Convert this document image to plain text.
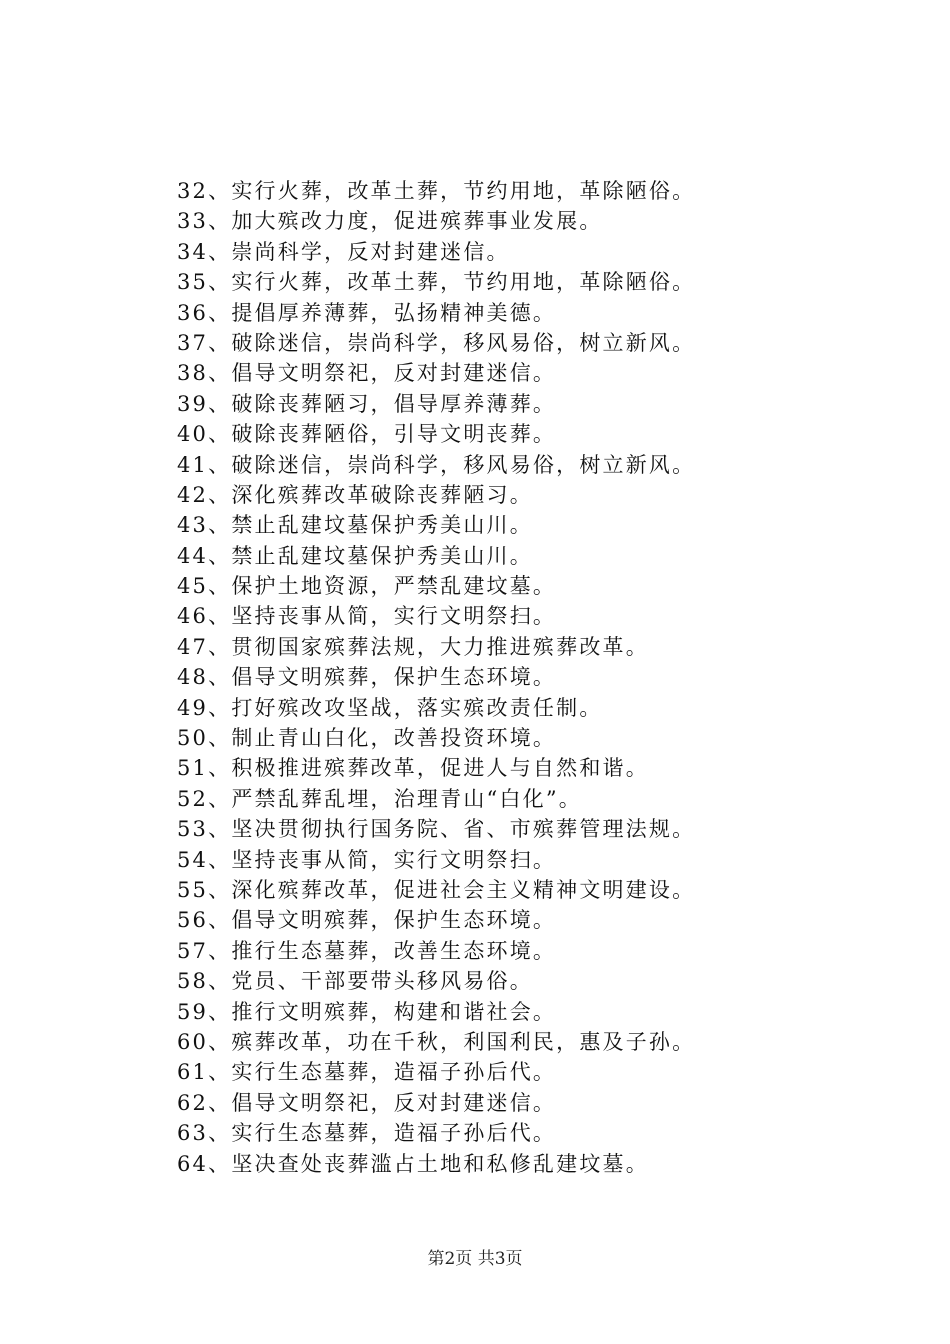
32、实行火葬，改革土葬，节约用地，革除陋俗。
33、加大殡改力度，促进殡葬事业发展。
34、崇尚科学，反对封建迷信。
35、实行火葬，改革土葬，节约用地，革除陋俗。
36、提倡厚养薄葬，弘扬精神美德。
37、破除迷信，崇尚科学，移风易俗，树立新风。
38、倡导文明祭祀，反对封建迷信。
39、破除丧葬陋习，倡导厚养薄葬。
40、破除丧葬陋俗，引导文明丧葬。
41、破除迷信，崇尚科学，移风易俗，树立新风。
42、深化殡葬改革破除丧葬陋习。
43、禁止乱建坟墓保护秀美山川。
44、禁止乱建坟墓保护秀美山川。
45、保护土地资源，严禁乱建坟墓。
46、坚持丧事从简，实行文明祭扫。
47、贯彻国家殡葬法规，大力推进殡葬改革。
48、倡导文明殡葬，保护生态环境。
49、打好殡改攻坚战，落实殡改责任制。
50、制止青山白化，改善投资环境。
51、积极推进殡葬改革，促进人与自然和谐。
52、严禁乱葬乱埋，治理青山“白化”。
53、坚决贯彻执行国务院、省、市殡葬管理法规。
54、坚持丧事从简，实行文明祭扫。
55、深化殡葬改革，促进社会主义精神文明建设。
56、倡导文明殡葬，保护生态环境。
57、推行生态墓葬，改善生态环境。
58、党员、干部要带头移风易俗。
59、推行文明殡葬，构建和谐社会。
60、殡葬改革，功在千秋，利国利民，惠及子孙。
61、实行生态墓葬，造福子孙后代。
62、倡导文明祭祀，反对封建迷信。
63、实行生态墓葬，造福子孙后代。
64、坚决查处丧葬滥占土地和私修乱建坟墓。
第2页 共3页
